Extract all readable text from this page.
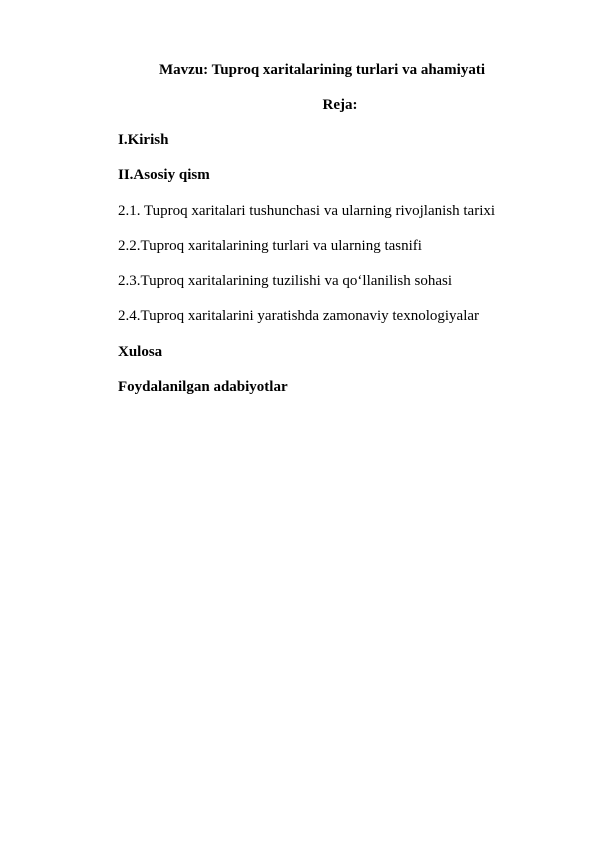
Mavzu: Tuproq xaritalarining turlari va ahamiyati
Reja:
I.Kirish
II.Asosiy qism
2.1. Tuproq xaritalari tushunchasi va ularning rivojlanish tarixi
2.2.Tuproq xaritalarining turlari va ularning tasnifi
2.3.Tuproq xaritalarining tuzilishi va qo‘llanilish sohasi
2.4.Tuproq xaritalarini yaratishda zamonaviy texnologiyalar
Xulosa
Foydalanilgan adabiyotlar
